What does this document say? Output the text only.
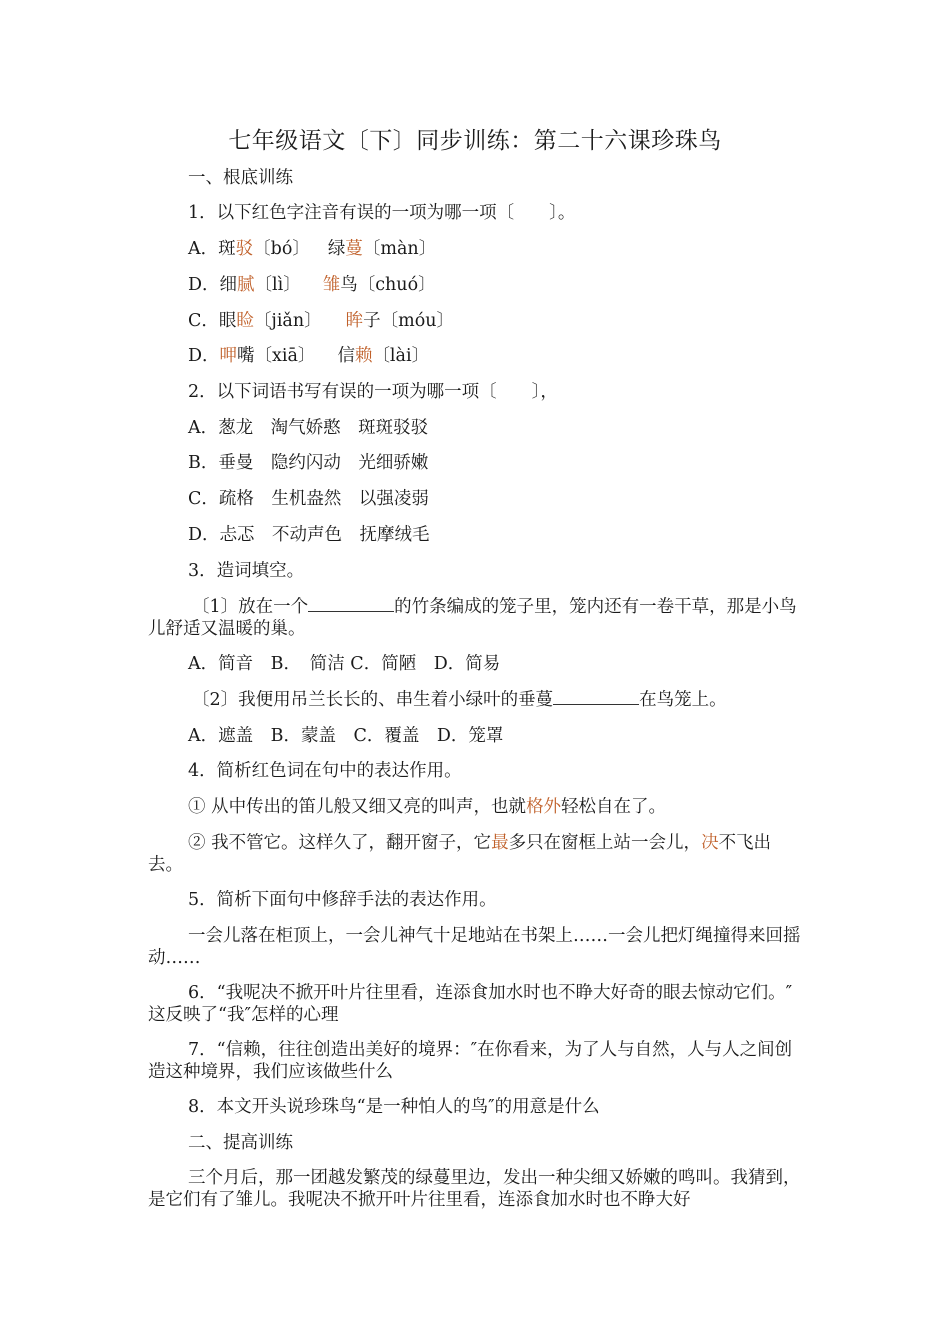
七年级语文〔下〕同步训练：第二十六课珍珠鸟
一、根底训练
1．以下红色字注音有误的一项为哪一项〔　　〕。
A．斑驳〔bó〕 绿蔓〔màn〕
D．细腻〔lì〕 雏鸟〔chuó〕
C．眼睑〔jiǎn〕 眸子〔móu〕
D．呷嘴〔xiā〕 信赖〔lài〕
2．以下词语书写有误的一项为哪一项〔　　〕，
A．葱龙　淘气娇憨　斑斑驳驳
B．垂曼　隐约闪动　光细骄嫩
C．疏格　生机盎然　以强凌弱
D．忐忑　不动声色　抚摩绒毛
3．造词填空。
〔1〕放在一个	的竹条编成的笼子里，笼内还有一卷干草，那是小鸟儿舒适又温暖的巢。
A．简音　B．　简洁 C．简陋　D．简易
〔2〕我便用吊兰长长的、串生着小绿叶的垂蔓	在鸟笼上。
A．遮盖　B．蒙盖　C．覆盖　D．笼罩
4．简析红色词在句中的表达作用。
① 从中传出的笛儿般又细又亮的叫声，也就格外轻松自在了。
② 我不管它。这样久了，翻开窗子，它最多只在窗框上站一会儿，决不飞出去。
5．简析下面句中修辞手法的表达作用。
一会儿落在柜顶上，一会儿神气十足地站在书架上……一会儿把灯绳撞得来回摇动……
6．“我呢决不掀开叶片往里看，连添食加水时也不睁大好奇的眼去惊动它们。″这反映了“我″怎样的心理
7．“信赖，往往创造出美好的境界：″在你看来，为了人与自然，人与人之间创造这种境界，我们应该做些什么
8．本文开头说珍珠鸟“是一种怕人的鸟″的用意是什么
二、提高训练
三个月后，那一团越发繁茂的绿蔓里边，发出一种尖细又娇嫩的鸣叫。我猜到，是它们有了雏儿。我呢决不掀开叶片往里看，连添食加水时也不睁大好
